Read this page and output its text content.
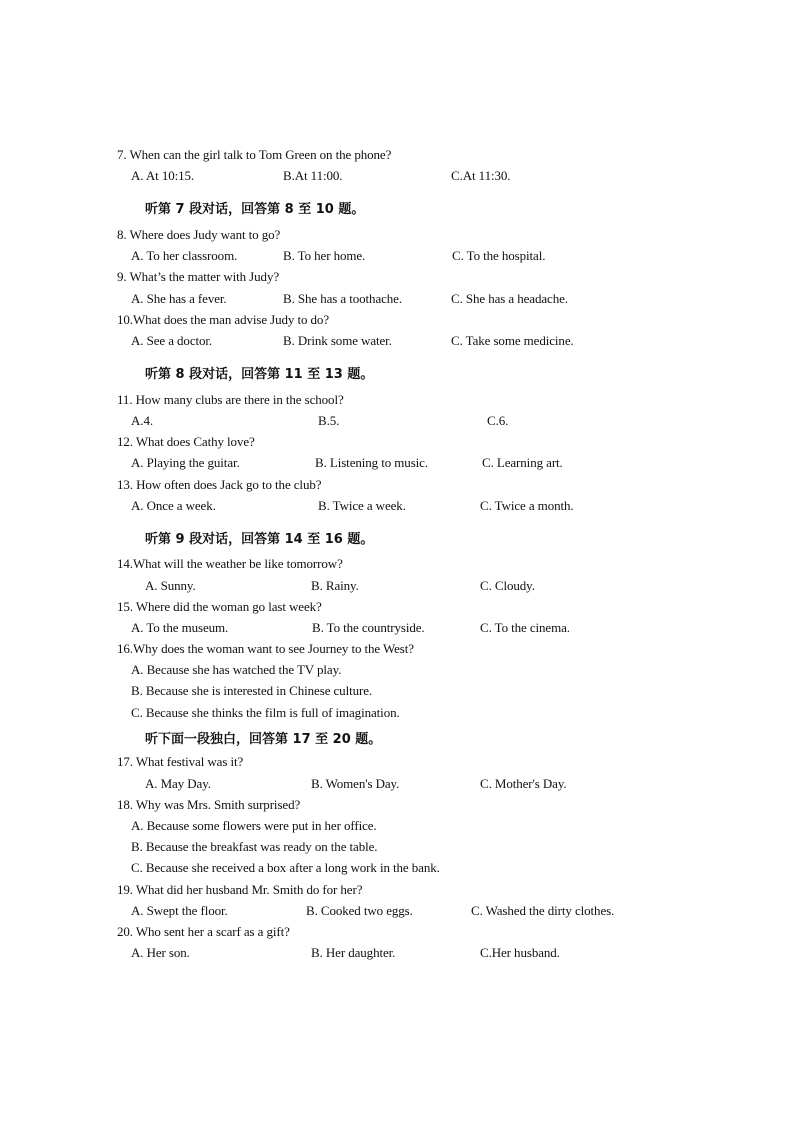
7. When can the girl talk to Tom Green on the phone?
A. At 10:15.	B.At 11:00.	C.At 11:30.
听第 7 段对话，回答第 8 至 10 题。
8. Where does Judy want to go?
A. To her classroom.	B. To her home.	C. To the hospital.
9. What’s the matter with Judy?
A. She has a fever.	B. She has a toothache.	C. She has a headache.
10.What does the man advise Judy to do?
A. See a doctor.	B. Drink some water.	C. Take some medicine.
听第 8 段对话，回答第 11 至 13 题。
11. How many clubs are there in the school?
A.4.	B.5.	C.6.
12. What does Cathy love?
A. Playing the guitar.	B. Listening to music.	C. Learning art.
13. How often does Jack go to the club?
A. Once a week.	B. Twice a week.	C. Twice a month.
听第 9 段对话，回答第 14 至 16 题。
14.What will the weather be like tomorrow?
A. Sunny.	B. Rainy.	C. Cloudy.
15. Where did the woman go last week?
A. To the museum.	B. To the countryside.	C. To the cinema.
16.Why does the woman want to see Journey to the West?
A. Because she has watched the TV play.
B. Because she is interested in Chinese culture.
C. Because she thinks the film is full of imagination.
听下面一段独白，回答第 17 至 20 题。
17. What festival was it?
A. May Day.	B. Women's Day.	C. Mother's Day.
18. Why was Mrs. Smith surprised?
A. Because some flowers were put in her office.
B. Because the breakfast was ready on the table.
C. Because she received a box after a long work in the bank.
19. What did her husband Mr. Smith do for her?
A. Swept the floor.	B. Cooked two eggs.	C. Washed the dirty clothes.
20. Who sent her a scarf as a gift?
A. Her son.	B. Her daughter.	C.Her husband.
